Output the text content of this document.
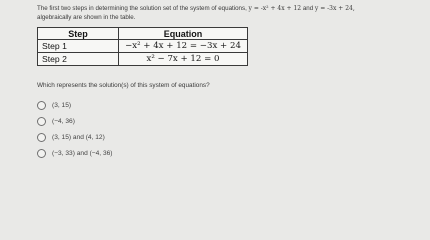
The first two steps in determining the solution set of the system of equations, y = -x² + 4x + 12 and y = -3x + 24,
algebraically are shown in the table.
Step	Equation
Step 1	−x² + 4x + 12 = −3x + 24
Step 2	x² − 7x + 12 = 0
Which represents the solution(s) of this system of equations?
(3, 15)
(−4, 36)
(3, 15) and (4, 12)
(−3, 33) and (−4, 36)
